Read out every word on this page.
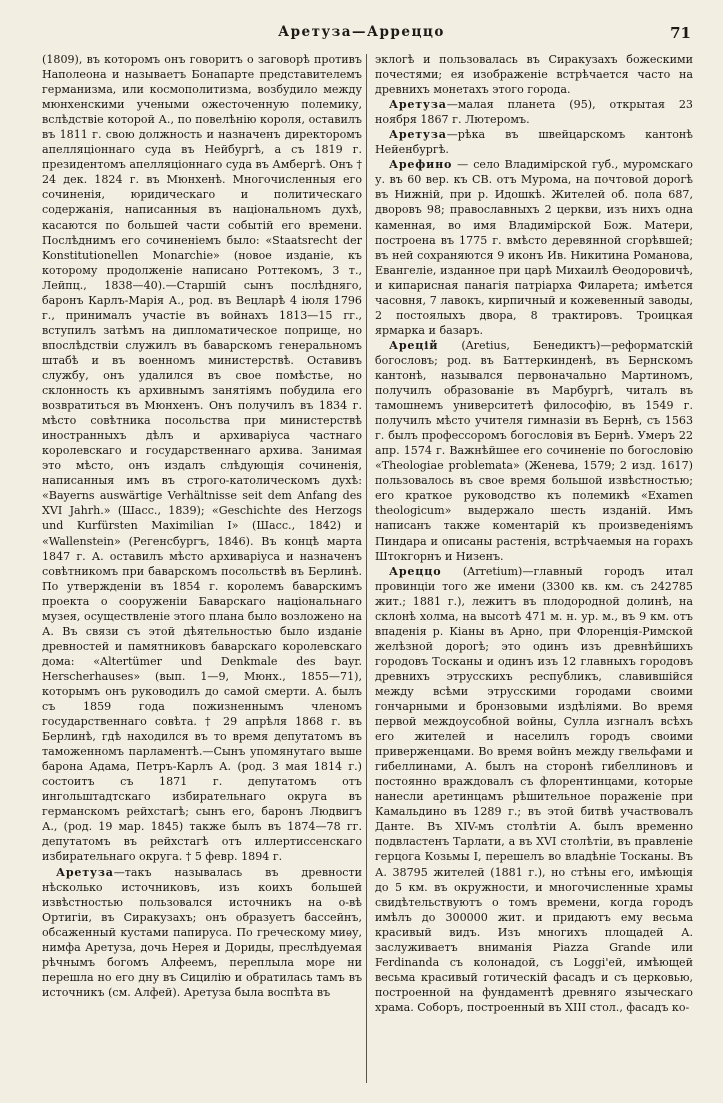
Аретуза—Арреццо	71

(1809), въ которомъ онъ говоритъ о заговорѣ противъ Наполеона и называетъ Бонапарте представителемъ германизма, или космополитизма, возбудило между мюнхенскими учеными ожесточенную полемику, вслѣдствіе которой А., по повелѣнію короля, оставилъ въ 1811 г. свою должность и назначенъ директоромъ апелляціоннаго суда въ Нейбургѣ, а съ 1819 г. президентомъ апелляціоннаго суда въ Амбергѣ. Онъ † 24 дек. 1824 г. въ Мюнхенѣ. Многочисленныя его сочиненія, юридическаго и политическаго содержанія, написанныя въ національномъ духѣ, касаются по большей части событій его времени. Послѣднимъ его сочиненіемъ было: «Staatsrecht der Konstitutionellen Monarchie» (новое изданіе, къ которому продолженіе написано Роттекомъ, 3 т., Лейпц., 1838—40).—Старшій сынъ послѣдняго, баронъ Карлъ-Марія А., род. въ Вецларѣ 4 іюля 1796 г., принималъ участіе въ войнахъ 1813—15 гг., вступилъ затѣмъ на дипломатическое поприще, но впослѣдствіи служилъ въ баварскомъ генеральномъ штабѣ и въ военномъ министерствѣ. Оставивъ службу, онъ удалился въ свое помѣстье, но склонность къ архивнымъ занятіямъ побудила его возвратиться въ Мюнхенъ. Онъ получилъ въ 1834 г. мѣсто совѣтника посольства при министерствѣ иностранныхъ дѣлъ и архиваріуса частнаго королевскаго и государственнаго архива. Занимая это мѣсто, онъ издалъ слѣдующія сочиненія, написанныя имъ въ строго-католическомъ духѣ: «Bayerns auswärtige Verhältnisse seit dem Anfang des XVI Jahrh.» (Шасс., 1839); «Geschichte des Herzogs und Kurfürsten Maximilian I» (Шасс., 1842) и «Wallenstein» (Регенсбургъ, 1846). Въ концѣ марта 1847 г. А. оставилъ мѣсто архиваріуса и назначенъ совѣтникомъ при баварскомъ посольствѣ въ Берлинѣ. По утвержденіи въ 1854 г. королемъ баварскимъ проекта о сооруженіи Баварскаго національнаго музея, осуществленіе этого плана было возложено на А. Въ связи съ этой дѣятельностью было изданіе древностей и памятниковъ баварскаго королевскаго дома: «Altertümer und Denkmale des bayr. Herscherhauses» (вып. 1—9, Мюнх., 1855—71), которымъ онъ руководилъ до самой смерти. А. былъ съ 1859 года пожизненнымъ членомъ государственнаго совѣта. † 29 апрѣля 1868 г. въ Берлинѣ, гдѣ находился въ то время депутатомъ въ таможенномъ парламентѣ.—Сынъ упомянутаго выше барона Адама, Петръ-Карлъ А. (род. 3 мая 1814 г.) состоитъ съ 1871 г. депутатомъ отъ ингольштадтскаго избирательнаго округа въ германскомъ рейхстагѣ; сынъ его, баронъ Людвигъ А., (род. 19 мар. 1845) также былъ въ 1874—78 гг. депутатомъ въ рейхстагѣ отъ иллертиссенскаго избирательнаго округа. † 5 февр. 1894 г.

Аретуза—такъ называлась въ древности нѣсколько источниковъ, изъ коихъ большей извѣстностью пользовался источникъ на о-вѣ Ортигіи, въ Сиракузахъ; онъ образуетъ бассейнъ, обсаженный кустами папируса. По греческому миѳу, нимфа Аретуза, дочь Нерея и Дориды, преслѣдуемая рѣчнымъ богомъ Алфеемъ, переплыла море ни перешла но его дну въ Сицилію и обратилась тамъ въ источникъ (см. Алфей). Аретуза была воспѣта въ

эклогѣ и пользовалась въ Сиракузахъ божескими почестями; ея изображеніе встрѣчается часто на древнихъ монетахъ этого города.

Аретуза—малая планета (95), открытая 23 ноября 1867 г. Лютеромъ.

Аретуза—рѣка въ швейцарскомъ кантонѣ Нейенбургѣ.

Арефино — село Владимірской губ., муромскаго у. въ 60 вер. къ СВ. отъ Мурома, на почтовой дорогѣ въ Нижній, при р. Идошкѣ. Жителей об. пола 687, дворовъ 98; православныхъ 2 церкви, изъ нихъ одна каменная, во имя Владимірской Бож. Матери, построена въ 1775 г. вмѣсто деревянной сгорѣвшей; въ ней сохраняются 9 иконъ Ив. Никитина Романова, Евангеліе, изданное при царѣ Михаилѣ Ѳеодоровичѣ, и кипарисная панагія патріарха Филарета; имѣется часовня, 7 лавокъ, кирпичный и кожевенный заводы, 2 постоялыхъ двора, 8 трактировъ. Троицкая ярмарка и базаръ.

Арецій (Aretius, Бенедиктъ)—реформатскій богословъ; род. въ Баттеркинденѣ, въ Бернскомъ кантонѣ, назывался первоначально Мартиномъ, получилъ образованіе въ Марбургѣ, читалъ въ тамошнемъ университетѣ философію, въ 1549 г. получилъ мѣсто учителя гимназіи въ Бернѣ, съ 1563 г. былъ профессоромъ богословія въ Бернѣ. Умеръ 22 апр. 1574 г. Важнѣйшее его сочиненіе по богословію «Theologiae problemata» (Женева, 1579; 2 изд. 1617) пользовалось въ свое время большой извѣстностью; его краткое руководство къ полемикѣ «Examen theologicum» выдержало шесть изданій. Имъ написанъ также коментарій къ произведеніямъ Пиндара и описаны растенія, встрѣчаемыя на горахъ Штокгорнъ и Низенъ.

Ареццо (Arretium)—главный городъ итал провинціи того же имени (3300 кв. км. съ 242785 жит.; 1881 г.), лежитъ въ плодородной долинѣ, на склонѣ холма, на высотѣ 471 м. н. ур. м., въ 9 км. отъ впаденія р. Кіаны въ Арно, при Флоренція-Римской желѣзной дорогѣ; это одинъ изъ древнѣйшихъ городовъ Тосканы и одинъ изъ 12 главныхъ городовъ древнихъ этрусскихъ республикъ, славившійся между всѣми этрусскими городами своими гончарными и бронзовыми издѣліями. Во время первой междоусобной войны, Сулла изгналъ всѣхъ его жителей и населилъ городъ своими приверженцами. Во время войнъ между гвельфами и гибеллинами, А. былъ на сторонѣ гибеллиновъ и постоянно враждовалъ съ флорентинцами, которые нанесли аретинцамъ рѣшительное пораженіе при Камальдино въ 1289 г.; въ этой битвѣ участвовалъ Данте. Въ XIV-мъ столѣтіи А. былъ временно подвластенъ Тарлати, а въ XVI столѣтіи, въ правленіе герцога Козьмы I, перешелъ во владѣніе Тосканы. Въ А. 38795 жителей (1881 г.), но стѣны его, имѣющія до 5 км. въ окружности, и многочисленные храмы свидѣтельствуютъ о томъ времени, когда городъ имѣлъ до 300000 жит. и придаютъ ему весьма красивый видъ. Изъ многихъ площадей А. заслуживаетъ вниманія Piazza Grande или Ferdinanda съ колонадой, съ Loggi'ей, имѣющей весьма красивый готическій фасадъ и съ церковью, построенной на фундаментѣ древняго языческаго храма. Соборъ, построенный въ XIII стол., фасадъ ко-
